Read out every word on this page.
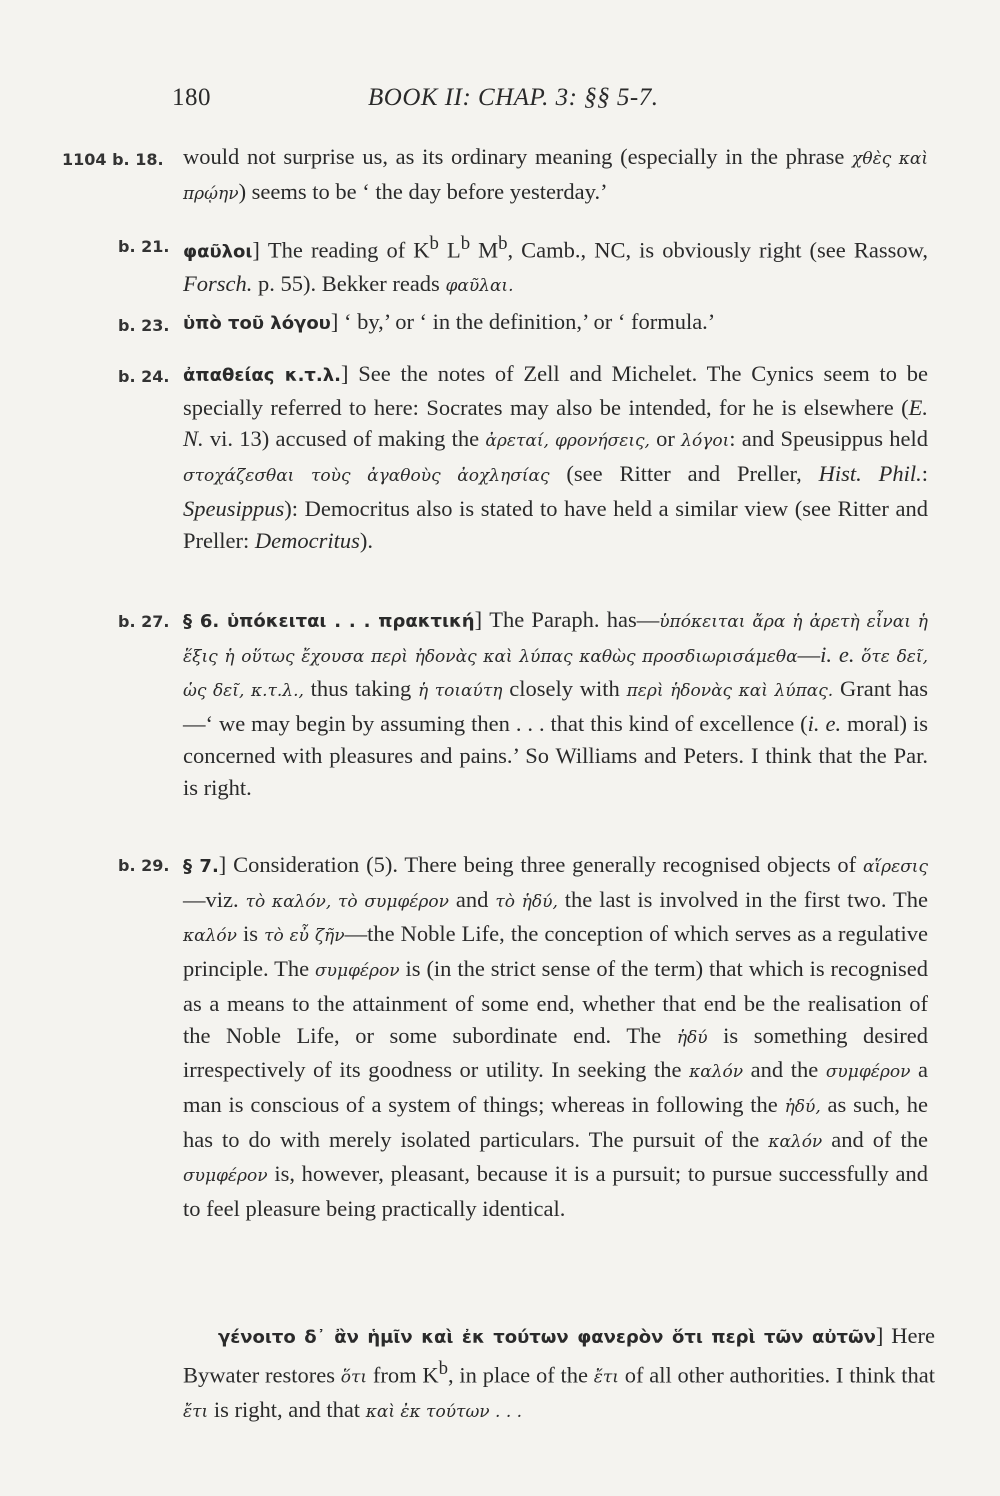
180	BOOK II: CHAP. 3: §§ 5-7.
1104 b. 18. would not surprise us, as its ordinary meaning (especially in the phrase χθὲς καὶ πρῴην) seems to be ‘ the day before yesterday.’
b. 21. φαῦλοι] The reading of $K^b$ $L^b$ $M^b$, Camb., NC, is obviously right (see Rassow, Forsch. p. 55). Bekker reads φαῦλαι.
b. 23. ὑπὸ τοῦ λόγου] ‘ by,’ or ‘ in the definition,’ or ‘ formula.’
b. 24. ἀπαθείας κ.τ.λ.] See the notes of Zell and Michelet. The Cynics seem to be specially referred to here: Socrates may also be intended, for he is elsewhere (E. N. vi. 13) accused of making the ἀρεταί, φρονήσεις, or λόγοι: and Speusippus held στοχάζεσθαι τοὺς ἀγαθοὺς ἀοχλησίας (see Ritter and Preller, Hist. Phil.: Speusippus): Democritus also is stated to have held a similar view (see Ritter and Preller: Democritus).
b. 27. § 6. ὑπόκειται . . . πρακτική] The Paraph. has—ὑπόκειται ἄρα ἡ ἀρετὴ εἶναι ἡ ἕξις ἡ οὕτως ἔχουσα περὶ ἡδονὰς καὶ λύπας καθὼς προσδιωρισάμεθα—i. e. ὅτε δεῖ, ὡς δεῖ, κ.τ.λ., thus taking ἡ τοιαύτη closely with περὶ ἡδονὰς καὶ λύπας. Grant has—‘ we may begin by assuming then . . . that this kind of excellence (i. e. moral) is concerned with pleasures and pains.’ So Williams and Peters. I think that the Par. is right.
b. 29. § 7.] Consideration (5). There being three generally recognised objects of αἵρεσις—viz. τὸ καλόν, τὸ συμφέρον and τὸ ἡδύ, the last is involved in the first two. The καλόν is τὸ εὖ ζῆν—the Noble Life, the conception of which serves as a regulative principle. The συμφέρον is (in the strict sense of the term) that which is recognised as a means to the attainment of some end, whether that end be the realisation of the Noble Life, or some subordinate end. The ἡδύ is something desired irrespectively of its goodness or utility. In seeking the καλόν and the συμφέρον a man is conscious of a system of things; whereas in following the ἡδύ, as such, he has to do with merely isolated particulars. The pursuit of the καλόν and of the συμφέρον is, however, pleasant, because it is a pursuit; to pursue successfully and to feel pleasure being practically identical.
γένοιτο δ᾽ ἂν ἡμῖν καὶ ἐκ τούτων φανερὸν ὅτι περὶ τῶν αὐτῶν] Here Bywater restores ὅτι from $K^b$, in place of the ἔτι of all other authorities. I think that ἔτι is right, and that καὶ ἐκ τούτων . . .
